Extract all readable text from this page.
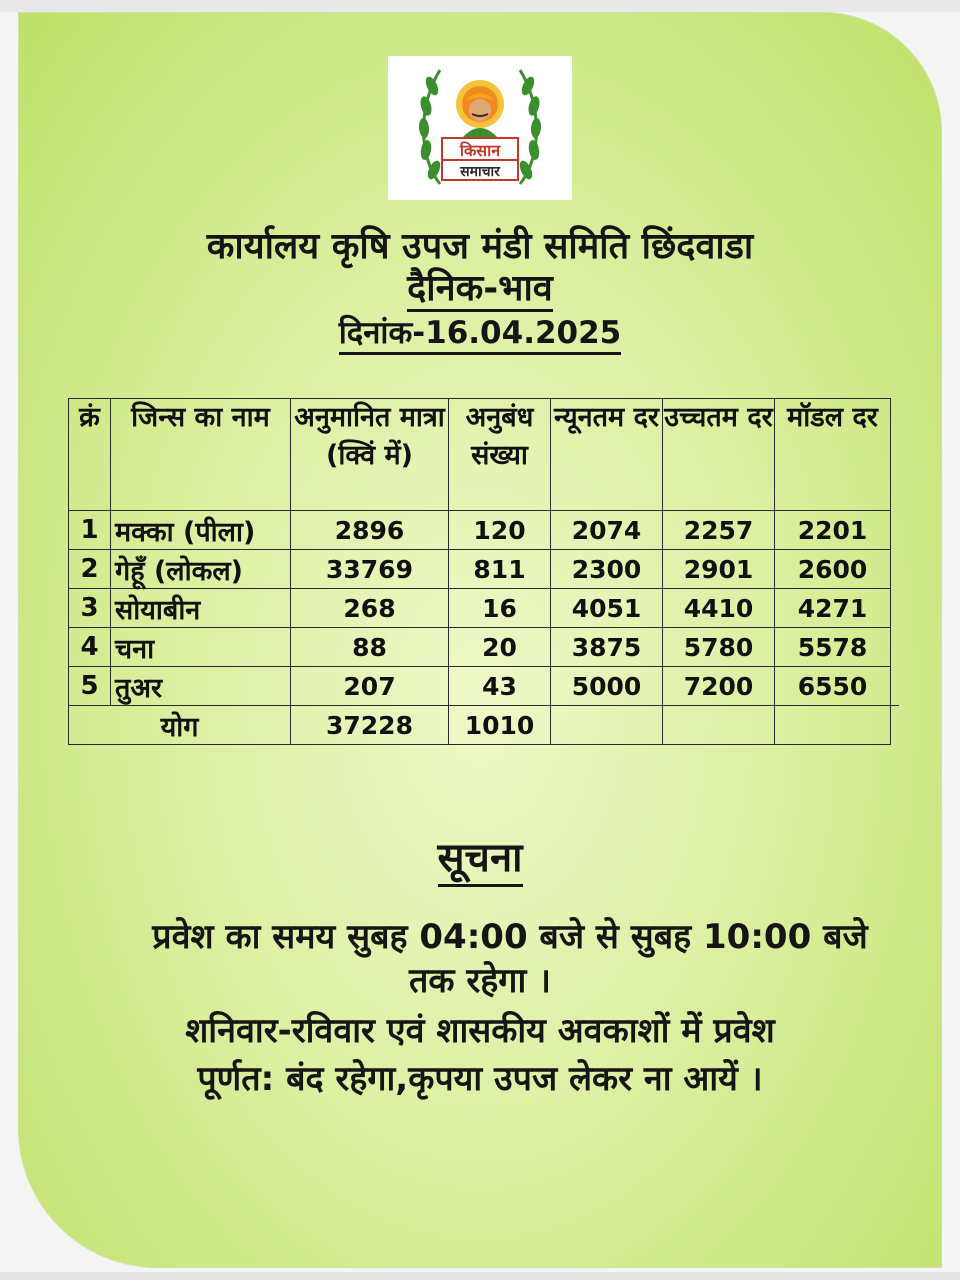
किसान
समाचार
कार्यालय कृषि उपज मंडी समिति छिंदवाडा
दैनिक-भाव
दिनांक-16.04.2025
क्रं	जिन्स का नाम	अनुमानित मात्रा (क्विं में)	अनुबंध संख्या	न्यूनतम दर	उच्चतम दर	मॉडल दर	
1	मक्का (पीला)	2896	120	2074	2257	2201	
2	गेहूँ (लोकल)	33769	811	2300	2901	2600	
3	सोयाबीन	268	16	4051	4410	4271	
4	चना	88	20	3875	5780	5578	
5	तुअर	207	43	5000	7200	6550	
योग		37228	1010				
सूचना
प्रवेश का समय सुबह 04:00 बजे से सुबह 10:00 बजे
तक रहेगा ।
शनिवार-रविवार एवं शासकीय अवकाशों में प्रवेश
पूर्णत: बंद रहेगा,कृपया उपज लेकर ना आयें ।
